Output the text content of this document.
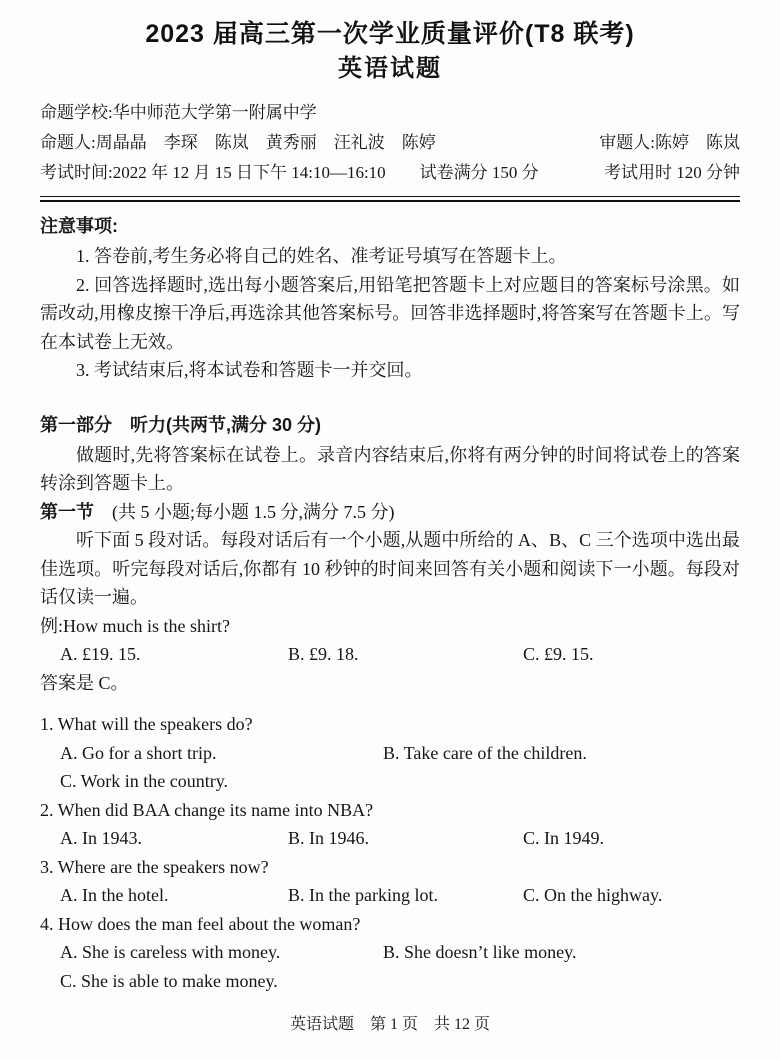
2023 届高三第一次学业质量评价(T8 联考)
英语试题
命题学校:华中师范大学第一附属中学
命题人:周晶晶　李琛　陈岚　黄秀丽　汪礼波　陈婷	审题人:陈婷　陈岚
考试时间:2022 年 12 月 15 日下午 14:10—16:10　　试卷满分 150 分	考试用时 120 分钟
注意事项:

1. 答卷前,考生务必将自己的姓名、准考证号填写在答题卡上。

2. 回答选择题时,选出每小题答案后,用铅笔把答题卡上对应题目的答案标号涂黑。如需改动,用橡皮擦干净后,再选涂其他答案标号。回答非选择题时,将答案写在答题卡上。写在本试卷上无效。

3. 考试结束后,将本试卷和答题卡一并交回。

第一部分　听力(共两节,满分 30 分)

做题时,先将答案标在试卷上。录音内容结束后,你将有两分钟的时间将试卷上的答案转涂到答题卡上。

第一节　(共 5 小题;每小题 1.5 分,满分 7.5 分)

听下面 5 段对话。每段对话后有一个小题,从题中所给的 A、B、C 三个选项中选出最佳选项。听完每段对话后,你都有 10 秒钟的时间来回答有关小题和阅读下一小题。每段对话仅读一遍。

例:How much is the shirt?

A. £19. 15.	B. £9. 18.	C. £9. 15.

答案是 C。

1. What will the speakers do?

A. Go for a short trip.	B. Take care of the children.
C. Work in the country.

2. When did BAA change its name into NBA?

A. In 1943.	B. In 1946.	C. In 1949.

3. Where are the speakers now?

A. In the hotel.	B. In the parking lot.	C. On the highway.

4. How does the man feel about the woman?

A. She is careless with money.	B. She doesn’t like money.
C. She is able to make money.
英语试题　第 1 页　共 12 页
